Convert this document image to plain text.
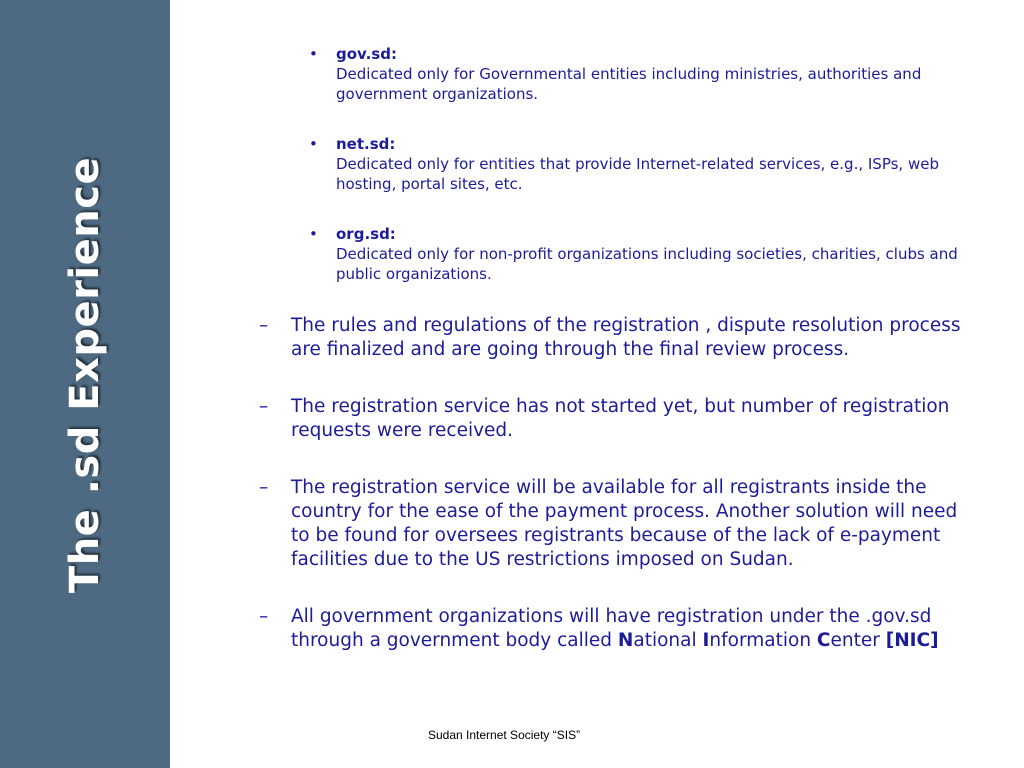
The .sd Experience
• gov.sd:
Dedicated only for Governmental entities including ministries, authorities and government organizations.
• net.sd:
Dedicated only for entities that provide Internet-related services, e.g., ISPs, web hosting, portal sites, etc.
• org.sd:
Dedicated only for non-profit organizations including societies, charities, clubs and public organizations.
– The rules and regulations of the registration , dispute resolution process are finalized and are going through the final review process.
– The registration service has not started yet, but number of registration requests were received.
– The registration service will be available for all registrants inside the country for the ease of the payment process. Another solution will need to be found for oversees registrants because of the lack of e-payment facilities due to the US restrictions imposed on Sudan.
– All government organizations will have registration under the .gov.sd through a government body called National Information Center [NIC]
Sudan Internet Society “SIS”
